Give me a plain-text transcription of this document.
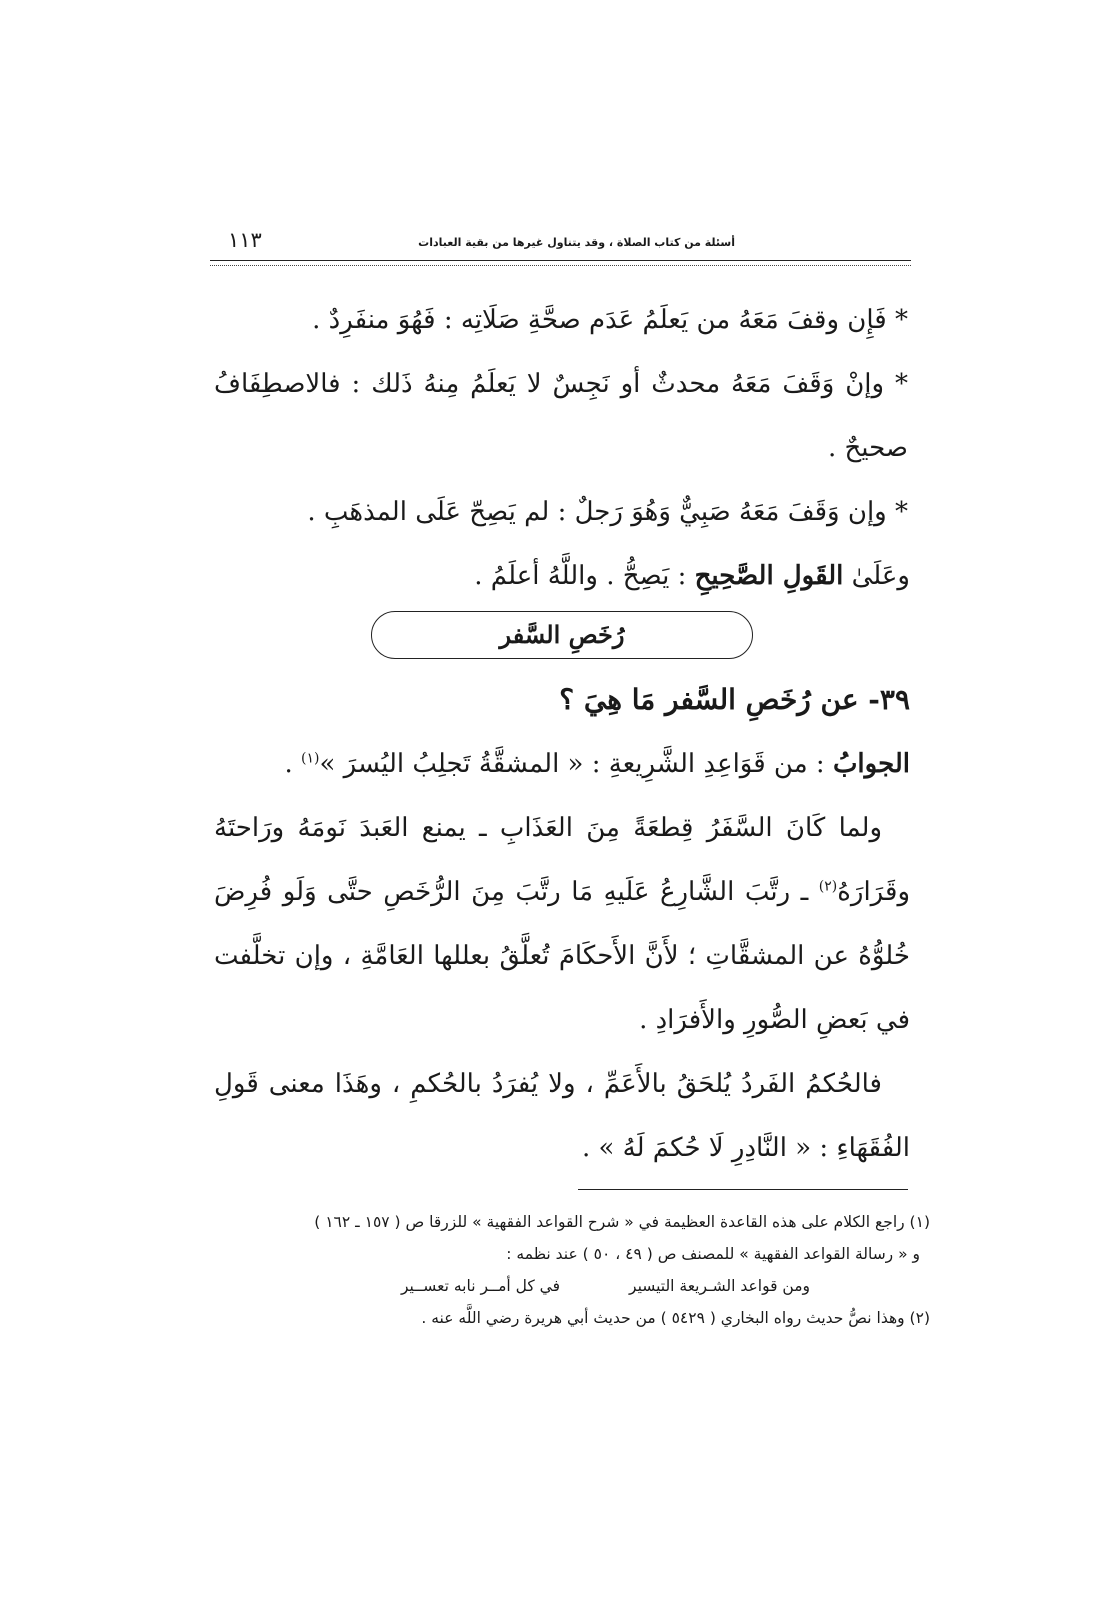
أسئلة من كتاب الصلاة ، وقد يتناول غيرها من بقية العبادات
١١٣

* فَإِن وقفَ مَعَهُ من يَعلَمُ عَدَم صحَّةِ صَلَاتِه : فَهُوَ منفَرِدٌ .

* وإنْ وَقَفَ مَعَهُ محدثٌ أو نَجِسٌ لا يَعلَمُ مِنهُ ذَلك : فالاصطِفَافُ صحيحٌ .

* وإن وَقَفَ مَعَهُ صَبِيٌّ وَهُوَ رَجلٌ : لم يَصِحّ عَلَى المذهَبِ .

وعَلَىٰ القَولِ الصَّحِيحِ : يَصِحُّ . واللَّهُ أعلَمُ .

رُخَصِ السَّفر

٣٩- عن رُخَصِ السَّفر مَا هِيَ ؟

الجوابُ : من قَوَاعِدِ الشَّرِيعةِ : « المشقَّةُ تَجلِبُ اليُسرَ »$^{(١)}$ .

ولما كَانَ السَّفَرُ قِطعَةً مِنَ العَذَابِ ـ يمنع العَبدَ نَومَهُ ورَاحتَهُ وقَرَارَهُ$^{(٢)}$ ـ رتَّبَ الشَّارِعُ عَلَيهِ مَا رتَّبَ مِنَ الرُّخَصِ حتَّى وَلَو فُرِضَ خُلوُّهُ عن المشقَّاتِ ؛ لأَنَّ الأَحكَامَ تُعلَّقُ بعللها العَامَّةِ ، وإن تخلَّفت في بَعضِ الصُّورِ والأَفرَادِ .

فالحُكمُ الفَردُ يُلحَقُ بالأَعَمِّ ، ولا يُفرَدُ بالحُكمِ ، وهَذَا معنى قَولِ الفُقَهَاءِ : « النَّادِرِ لَا حُكمَ لَهُ » .

(١) راجع الكلام على هذه القاعدة العظيمة في « شرح القواعد الفقهية » للزرقا ص ( ١٥٧ ـ ١٦٢ )

و « رسالة القواعد الفقهية » للمصنف ص ( ٤٩ ، ٥٠ ) عند نظمه :

ومن قواعد الشـريعة التيسير
في كل أمــر نابه تعســير

(٢) وهذا نصُّ حديث رواه البخاري ( ٥٤٢٩ ) من حديث أبي هريرة رضي اللَّه عنه .
